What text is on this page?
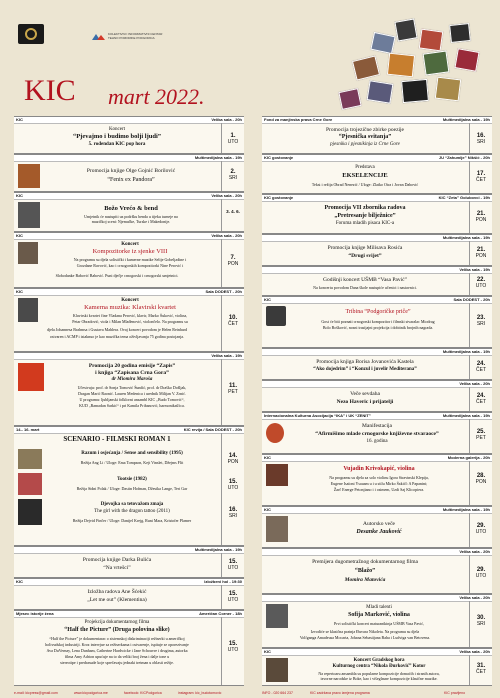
KOLEKTIVNI I INFORMATIVNI CENTAR
TEHNO POMORIKE PODGORICA
KIC mart 2022.
KIC	Velika sala - 20h
Koncert
“Pjevajmo i budimo bolji ljudi”
5. rođendan KIC pop hora
1.
UTO
Multimedijalna sala - 19h
Promocija knjige Olge Gojnić Borilović
“Fenix ex Pandora”
2.
SRI
KIC	Velika sala - 20h
Božo Vrećo & bend
Umjetnik će nastupiti uz podršku benda u tijeku turneje na
muzičkoj sceni: Njemačke, Turske i Makedonije.
3. 4. 6.
KIC	Velika sala - 20h
Koncert
Kompozitorke iz sjenke VIII
Na programu su djela solistički i kamerne muzike Selije Gobeljadine i
Grozdane Ravović, kao i crnogorskih kompozitorki Nine Perović i
Slobodanke Babović Babović. Puni dječje crnogorski i crnogorski umjetnici.
7.
PON
KIC	Sala DODEST - 20h
Koncert
Kamerna muzika: Klavirski kvartet
Klavirski kvartet čine Vladana Perović, klavir, Marko Šuković, violina,
Petar Obradović, viola i Milan Mlađenović, violončelo. Na programu su
djela Johannesa Brahmsa i Gustava Mahlera. Ovaj koncert povodom je Helen Reinhard
ostvaren i ACMP i istaknuo je kao muzička tema oživljavanja 75 godina postojanja.
10.
ČET
Velika sala - 19h
Promocija 20 godina emisije “Zapis”
i knjiga “Zapisana Crna Gora”
dr Miomira Maroša
Učestvuju: prof. dr Sonja Tomović Šundić, prof. dr Draško Došljak,
Dragan Marić Raonić. Lauren Medenica i urednik Milijan V. Zrnić.
U programu: ljubljanski folklorni ansambl KIC „Budo Tomović“,
KUD „Ramadan Sarkić“ i pri Kamila Pribanović, harmonikaš/ica.
11.
PET
14.- 16. mart	KIC revija / Sala DODEST - 20h
SCENARIO - FILMSKI ROMAN 1
Razum i osjećanja / Sense and sensibility (1995)
Režija Ang Li / Uloge: Ema Tompson, Kejt Vinslet, Džejms Flit
Tootsie (1982)
Režija Sidni Polak / Uloge: Dastin Hofman, Džesika Lange, Teri Gar
Djevojka sa tetovažom zmaja
The girl with the dragon tattoo (2011)
Režija Dejvid Finčer / Uloge: Danijel Krejg, Runi Mara, Kristofer Plamer
14.
PON
15.
UTO
16.
SRI
Multimedijalna sala - 19h
Promocija knjige Darka Bulića
“Na vrtešci”
15.
UTO
KIC	Izložbeni hol - 19:30
Izložba radova Ane Šćekić
„Let me out” (Klementina)
15.
UTO
Mjesec istorije žena	Američan Corner - 18h
Projekcija dokumentarnog filma
“Half the Picture” (Druga polovina slike)
“Half the Picture” je dokumentarac o sistemskoj diskriminaciji režiserki u američkoj
holivudskoj industriji. Kroz intervjue sa režiserkama i ostvarenje, ispituje se oporezivanje
Ava DuVernay, Lena Dunham, Catherine Hardwicke i Jane Schouvre i drugima, autorka
filma Amy Adrion upućuje na to da veliki broj žena i dalje tone u
stereotipe i predrasude koje sprečavaju jednaki tretman u oblasti režije.
15.
UTO
Fond za manjinska prava Crne Gore	Multimedijalna sala - 19h
Promocija trojezične zbirke poezije
“Pjesnička svitanja”
pjesnika i pjesnikinja iz Crne Gore
16.
SRI
KIC gostovanje	JU “Zahumlje” Nikšić - 20h
Predstava
EKSELENCIJE
Tekst i režija Obrad Nenezić / Uloge: Zlatko Otra i Jovan Dabović
17.
ČET
KIC gostovanje	KIC “Zeta” Golubovci - 19h
Promocija VII zbornika radova
„Pretresanje bilježnice”
Foruma mladih pisaca KIC-a
21.
PON
Multimedijalna sala - 19h
Promocija knjige Milisava Rosića
“Drugi svijet”
21.
PON
Velika sala - 19h
Godišnji koncert UŠMB “Vasa Pavić”
Na koncertu povodom Dana škole nastupiće učenici i nastavnici.
22.
UTO
KIC	Sala DODEST - 20h
Tribina “Podgoričke priče”
Gost će biti poznati crnogorski kompozitor i filmski stvaralac Miodrag
Bolo Bošković, nosni trasijajni projekcija i dobitnik brojnih nagrada.
23.
SRI
Multimedijalna sala - 19h
Promocija knjiga Borisa Jovanovića Kastela
“Ako dojedrim” i “Konzul i juvelir Mediterana”
24.
ČET
Velika sala - 20h
Veče sevdaha
Nezo Haveric i prijatelji
24.
ČET
Internacionalna Kulturna Asocijacija “IKA” i UK “ZENIT”	Multimedijalna sala - 19h
Manifestacija
“Afirmišimo mlade crnogorske književne stvaraoce”
16. godina
25.
PET
KIC	Moderna galerija - 20h
Vujadin Krivokapić, violina
Na programu su djela za solo violinu Igora Stravinski Klepija,
Eugene Isaïoni Ysauam u i u stilu Mirko Šakićl: A Papanini;
Žarč Energe Petonjiano i i osimem, Uzdi Saj Klicopiera.
28.
PON
KIC	Multimedijalna sala - 19h
Autorsko veče
Desanke Jauković
29.
UTO
Velika sala - 20h
Premijera dugometražnog dokumentarnog filma
“Blažo”
Momira Matovića
29.
UTO
Velika sala - 20h
Mladi talenti
Sofija Marković, violina
Prvi solistički koncert maturantkinja UŠMB Vasa Pavić,
Izvodiće se klasična pratnja Đuvara Nikoleta. Na programu su djela
Volfganga Amadeusa Mocarta, Johana Sebastijana Baha i Ludviga van Betovena.
30.
SRI
KIC	Velika sala - 20h
Koncert Gradskog hora
Kulturnog centra “Nikola Đurković” Kotor
Na repertoaru ansambla su popularne kompozicije domaćih i stranih autora,
izvorne narodske iz Boke, kao i višeglasne kompozicije klasične muzike.
31.
ČET
e-mail: kicpress@gmail.com	www.kicpodgorica.me	facebook: KICPodgorica	instagram: kic_budotomovic	INFO - 020 664 237	KIC zadržava pravo izmjena programa	KIC pravljeno
